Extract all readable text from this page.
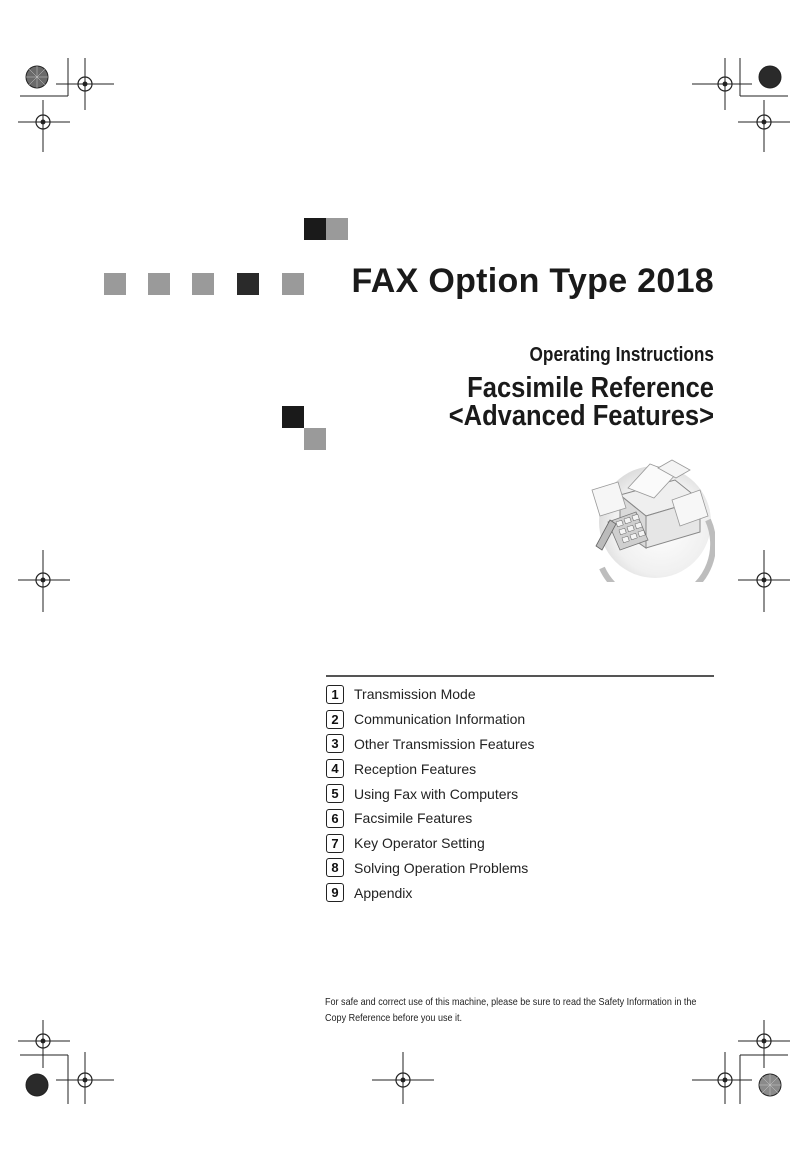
FAX Option Type 2018
Operating Instructions
Facsimile Reference
<Advanced Features>
1	Transmission Mode
2	Communication Information
3	Other Transmission Features
4	Reception Features
5	Using Fax with Computers
6	Facsimile Features
7	Key Operator Setting
8	Solving Operation Problems
9	Appendix
For safe and correct use of this machine, please be sure to read the Safety Information in the Copy Reference before you use it.
